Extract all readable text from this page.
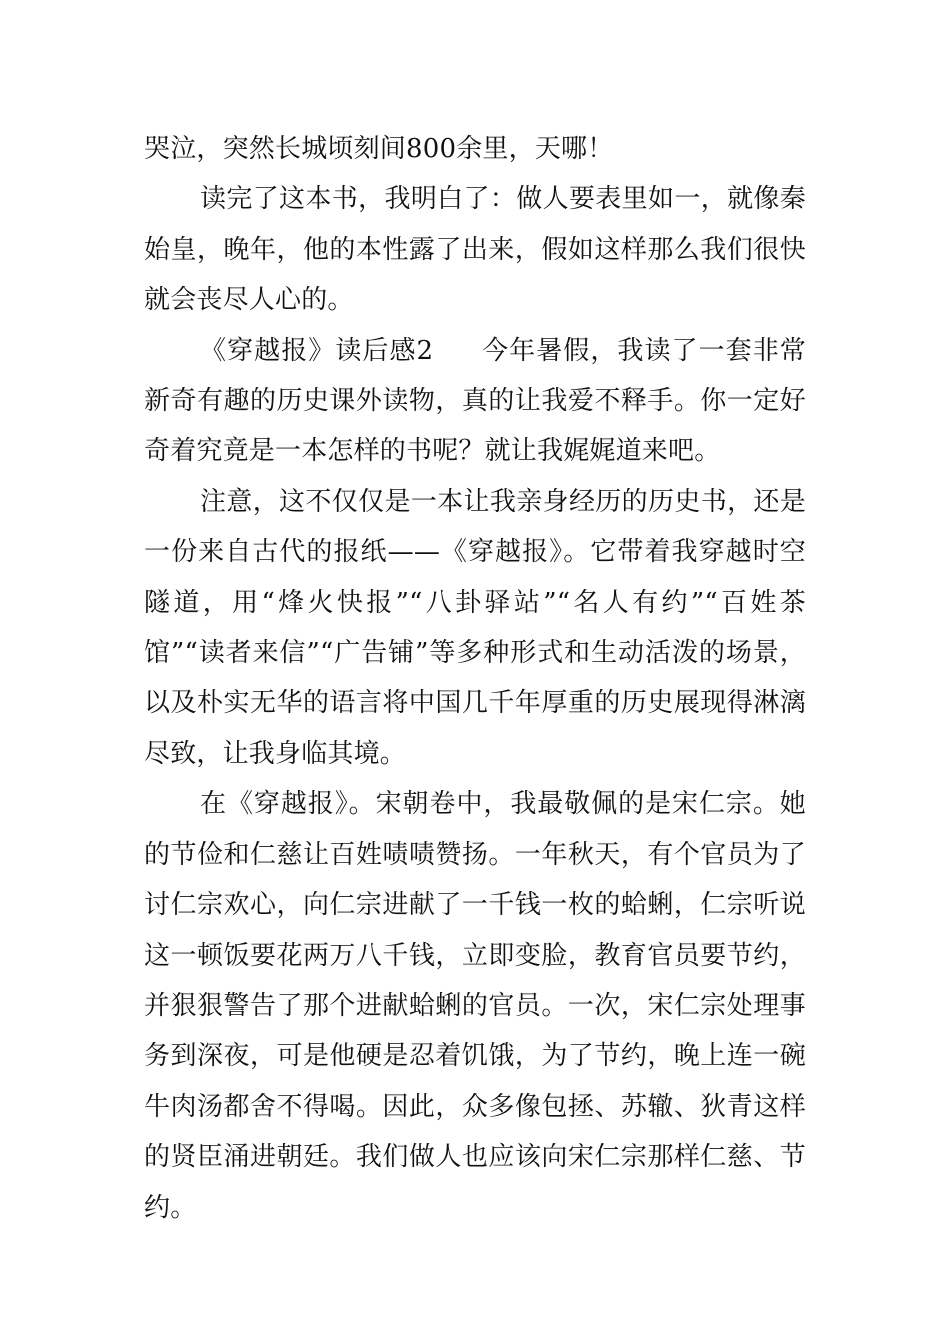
哭泣，突然长城顷刻间800余里，天哪！

读完了这本书，我明白了：做人要表里如一，就像秦始皇，晚年，他的本性露了出来，假如这样那么我们很快就会丧尽人心的。

《穿越报》读后感2 今年暑假，我读了一套非常新奇有趣的历史课外读物，真的让我爱不释手。你一定好奇着究竟是一本怎样的书呢？就让我娓娓道来吧。

注意，这不仅仅是一本让我亲身经历的历史书，还是一份来自古代的报纸——《穿越报》。它带着我穿越时空隧道，用“烽火快报”“八卦驿站”“名人有约”“百姓茶馆”“读者来信”“广告铺”等多种形式和生动活泼的场景，以及朴实无华的语言将中国几千年厚重的历史展现得淋漓尽致，让我身临其境。

在《穿越报》。宋朝卷中，我最敬佩的是宋仁宗。她的节俭和仁慈让百姓啧啧赞扬。一年秋天，有个官员为了讨仁宗欢心，向仁宗进献了一千钱一枚的蛤蜊，仁宗听说这一顿饭要花两万八千钱，立即变脸，教育官员要节约，并狠狠警告了那个进献蛤蜊的官员。一次，宋仁宗处理事务到深夜，可是他硬是忍着饥饿，为了节约，晚上连一碗牛肉汤都舍不得喝。因此，众多像包拯、苏辙、狄青这样的贤臣涌进朝廷。我们做人也应该向宋仁宗那样仁慈、节约。
